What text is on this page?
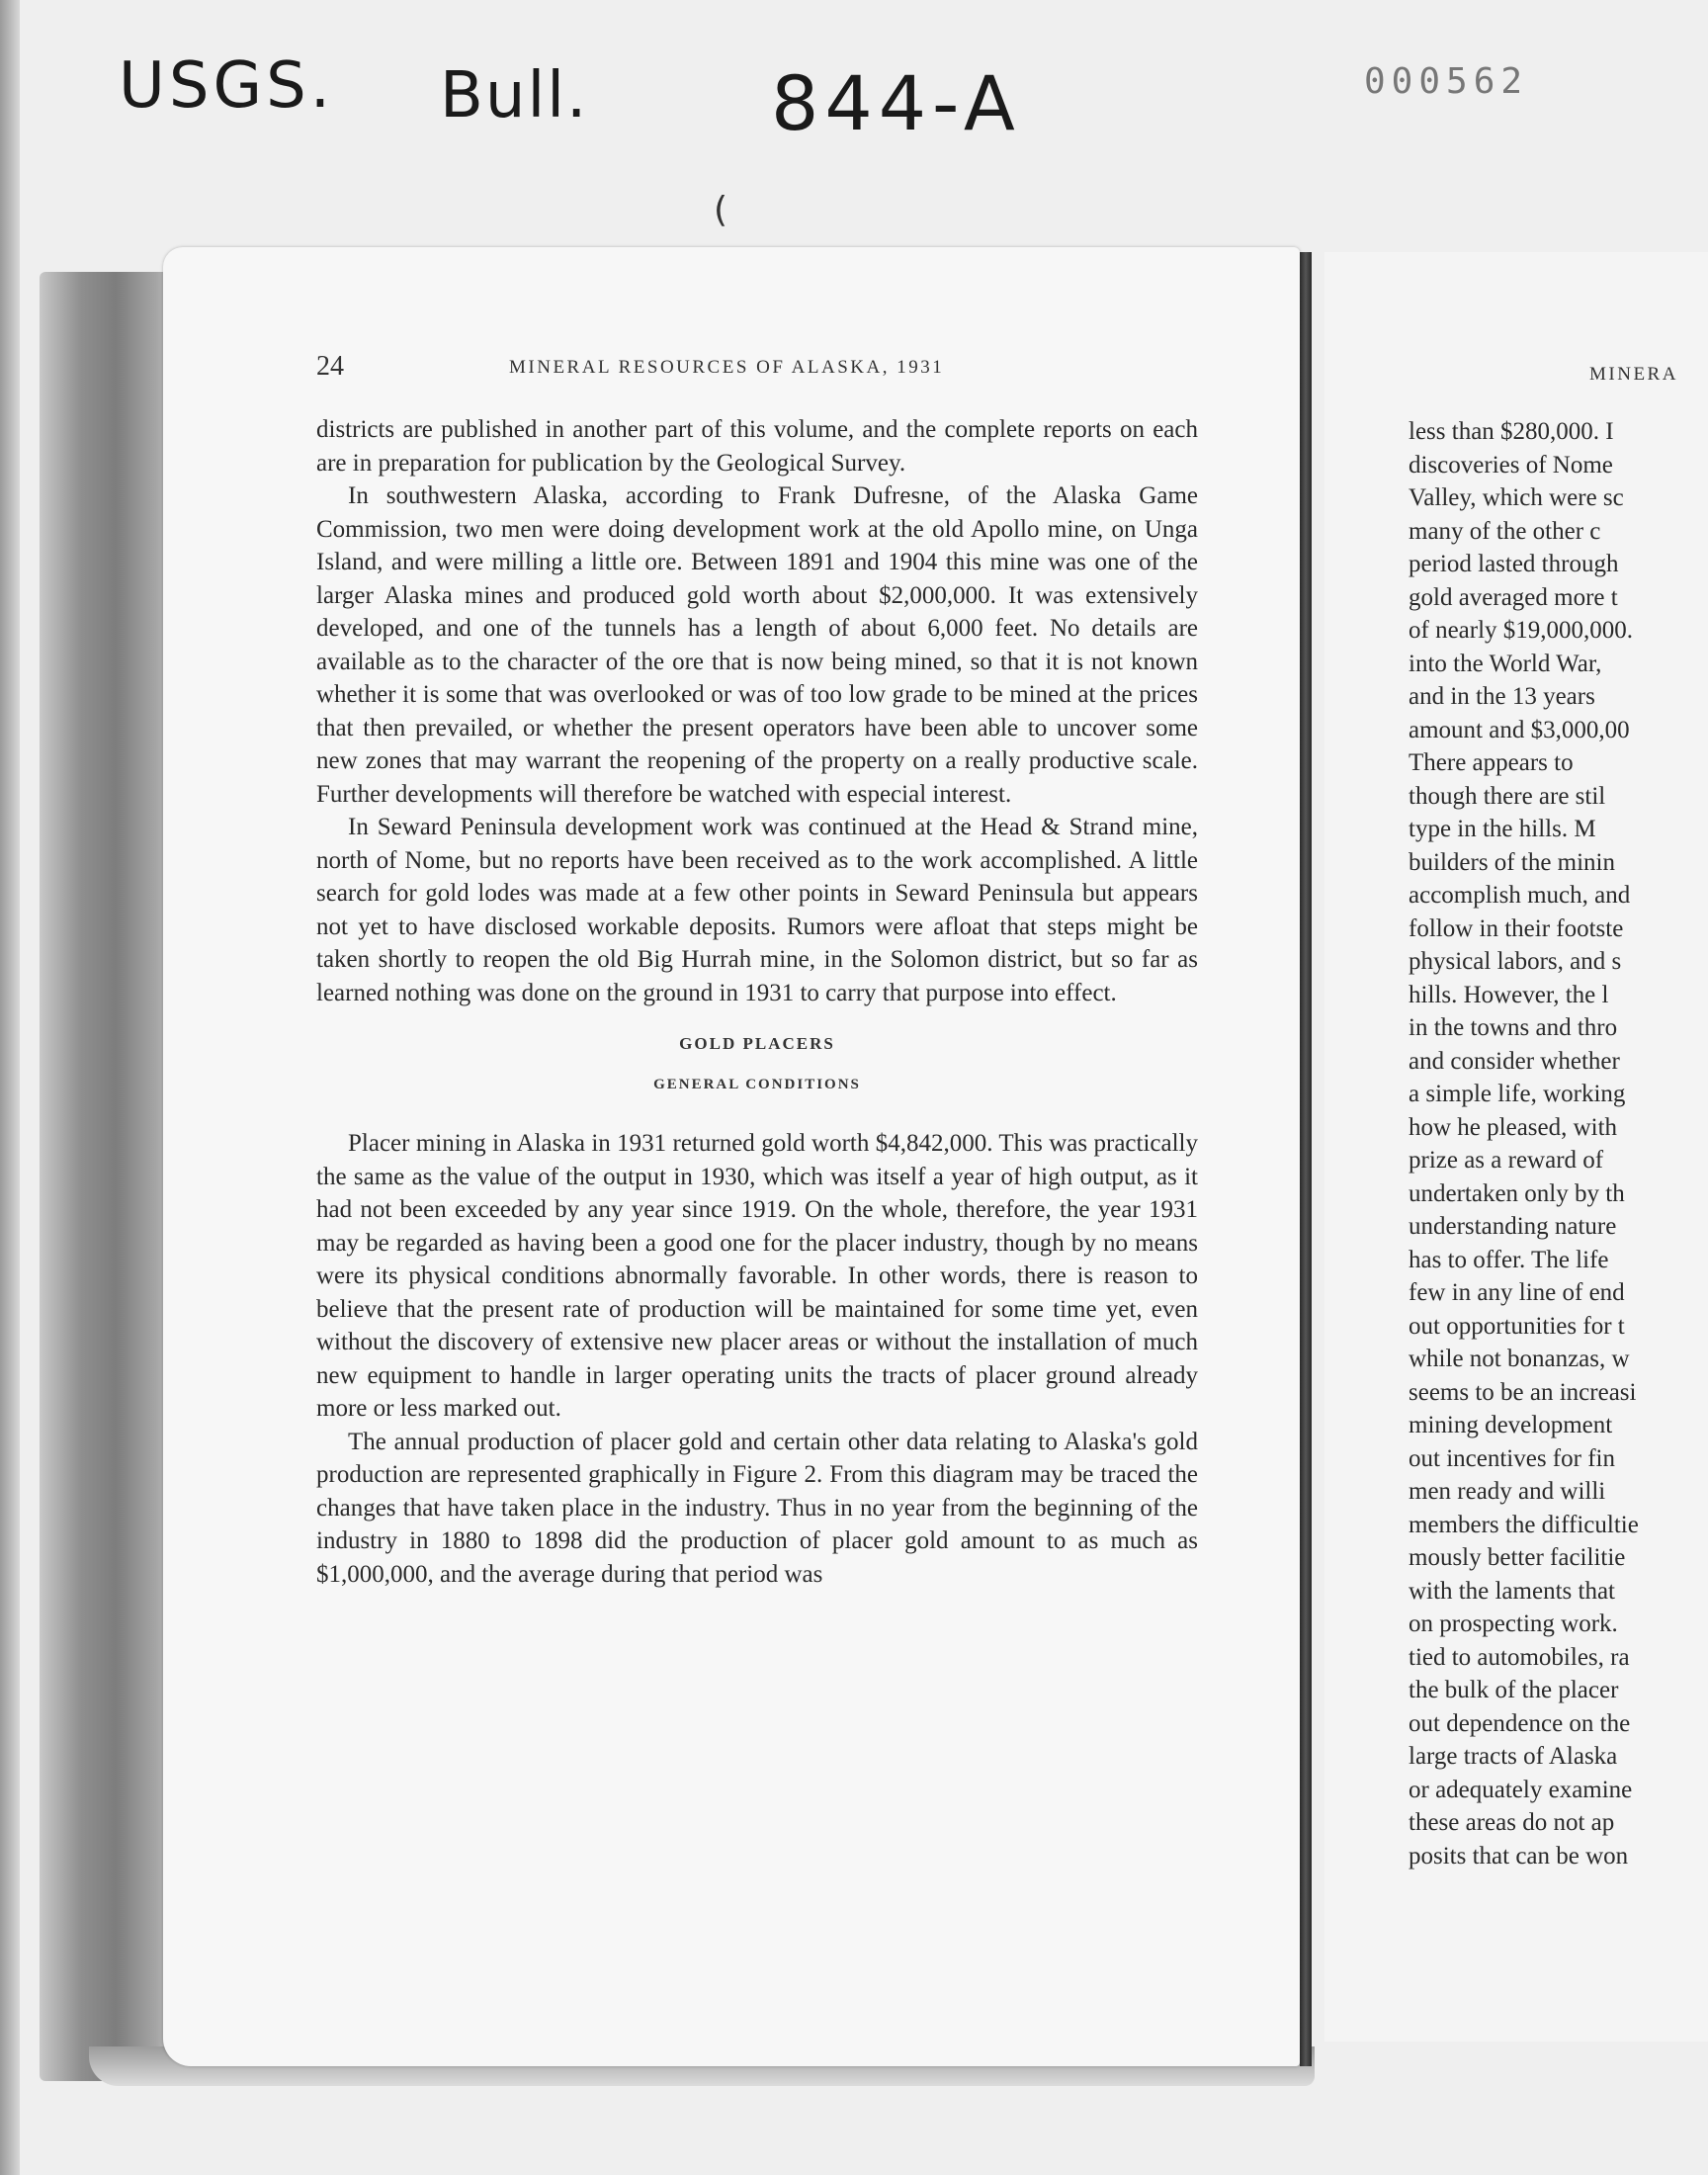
USGS. Bull. 844-A	000562
(
24	MINERAL RESOURCES OF ALASKA, 1931

districts are published in another part of this volume, and the complete reports on each are in preparation for publication by the Geological Survey.

In southwestern Alaska, according to Frank Dufresne, of the Alaska Game Commission, two men were doing development work at the old Apollo mine, on Unga Island, and were milling a little ore. Between 1891 and 1904 this mine was one of the larger Alaska mines and produced gold worth about $2,000,000. It was extensively developed, and one of the tunnels has a length of about 6,000 feet. No details are available as to the character of the ore that is now being mined, so that it is not known whether it is some that was overlooked or was of too low grade to be mined at the prices that then prevailed, or whether the present operators have been able to uncover some new zones that may warrant the reopening of the property on a really productive scale. Further developments will therefore be watched with especial interest.

In Seward Peninsula development work was continued at the Head & Strand mine, north of Nome, but no reports have been received as to the work accomplished. A little search for gold lodes was made at a few other points in Seward Peninsula but appears not yet to have disclosed workable deposits. Rumors were afloat that steps might be taken shortly to reopen the old Big Hurrah mine, in the Solomon district, but so far as learned nothing was done on the ground in 1931 to carry that purpose into effect.

GOLD PLACERS
GENERAL CONDITIONS

Placer mining in Alaska in 1931 returned gold worth $4,842,000. This was practically the same as the value of the output in 1930, which was itself a year of high output, as it had not been exceeded by any year since 1919. On the whole, therefore, the year 1931 may be regarded as having been a good one for the placer industry, though by no means were its physical conditions abnormally favorable. In other words, there is reason to believe that the present rate of production will be maintained for some time yet, even without the discovery of extensive new placer areas or without the installation of much new equipment to handle in larger operating units the tracts of placer ground already more or less marked out.

The annual production of placer gold and certain other data relating to Alaska's gold production are represented graphically in Figure 2. From this diagram may be traced the changes that have taken place in the industry. Thus in no year from the beginning of the industry in 1880 to 1898 did the production of placer gold amount to as much as $1,000,000, and the average during that period was

MINERA
less than $280,000. I
discoveries of Nome
Valley, which were sc
many of the other c
period lasted through
gold averaged more t
of nearly $19,000,000.
into the World War,
and in the 13 years
amount and $3,000,00
There appears to
though there are stil
type in the hills. M
builders of the minin
accomplish much, and
follow in their footste
physical labors, and s
hills. However, the l
in the towns and thro
and consider whether
a simple life, working
how he pleased, with
prize as a reward of
undertaken only by th
understanding nature
has to offer. The life
few in any line of end
out opportunities for t
while not bonanzas, w
seems to be an increasi
mining development
out incentives for fin
men ready and willi
members the difficultie
mously better facilitie
with the laments that
on prospecting work.
tied to automobiles, ra
the bulk of the placer
out dependence on the
large tracts of Alaska
or adequately examine
these areas do not ap
posits that can be won
